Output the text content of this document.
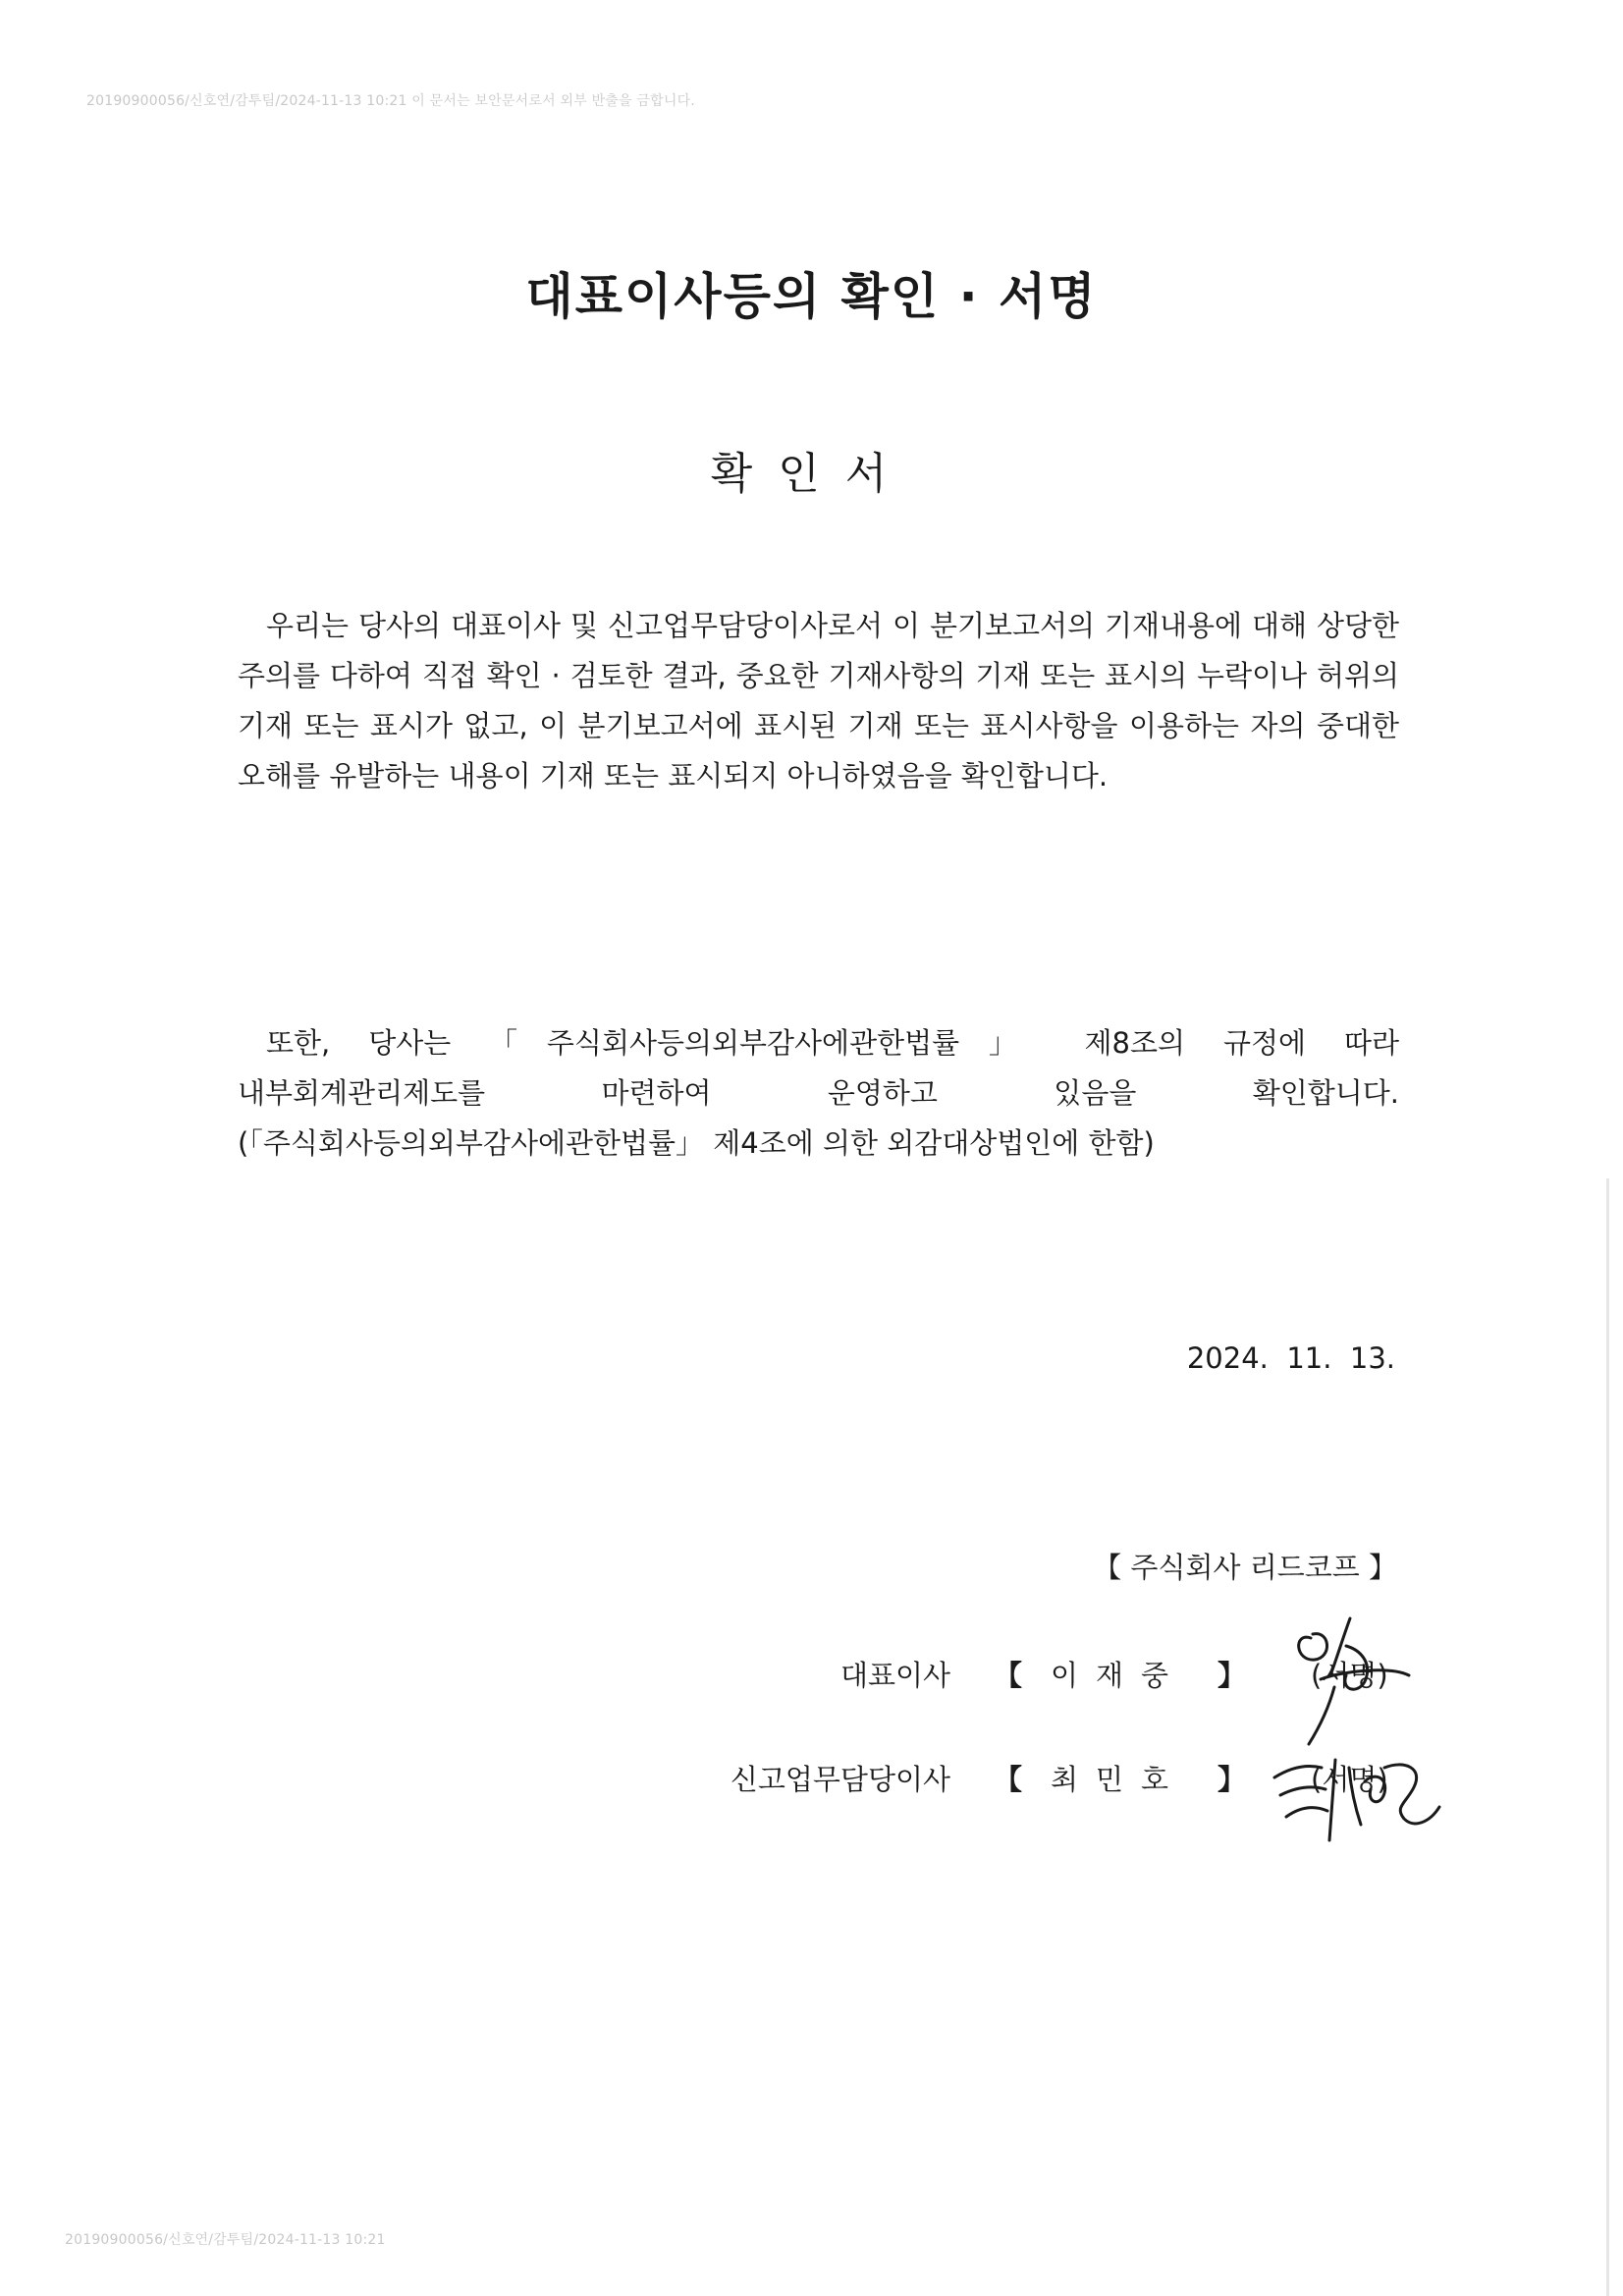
20190900056/신호연/감투팀/2024-11-13 10:21 이 문서는 보안문서로서 외부 반출을 금합니다.
대표이사등의 확인 · 서명
확인서

우리는 당사의 대표이사 및 신고업무담당이사로서 이 분기보고서의 기재내용에 대해 상당한 주의를 다하여 직접 확인 · 검토한 결과, 중요한 기재사항의 기재 또는 표시의 누락이나 허위의 기재 또는 표시가 없고, 이 분기보고서에 표시된 기재 또는 표시사항을 이용하는 자의 중대한 오해를 유발하는 내용이 기재 또는 표시되지 아니하였음을 확인합니다.

또한, 당사는 「주식회사등의외부감사에관한법률」 제8조의 규정에 따라 내부회계관리제도를 마련하여 운영하고 있음을 확인합니다.(「주식회사등의외부감사에관한법률」 제4조에 의한 외감대상법인에 한함)

2024.  11.  13.
【 주식회사 리드코프 】
대표이사 【 이재중 】 (서명)
신고업무담당이사 【 최민호 】 (서명)
20190900056/신호연/감투팀/2024-11-13 10:21
